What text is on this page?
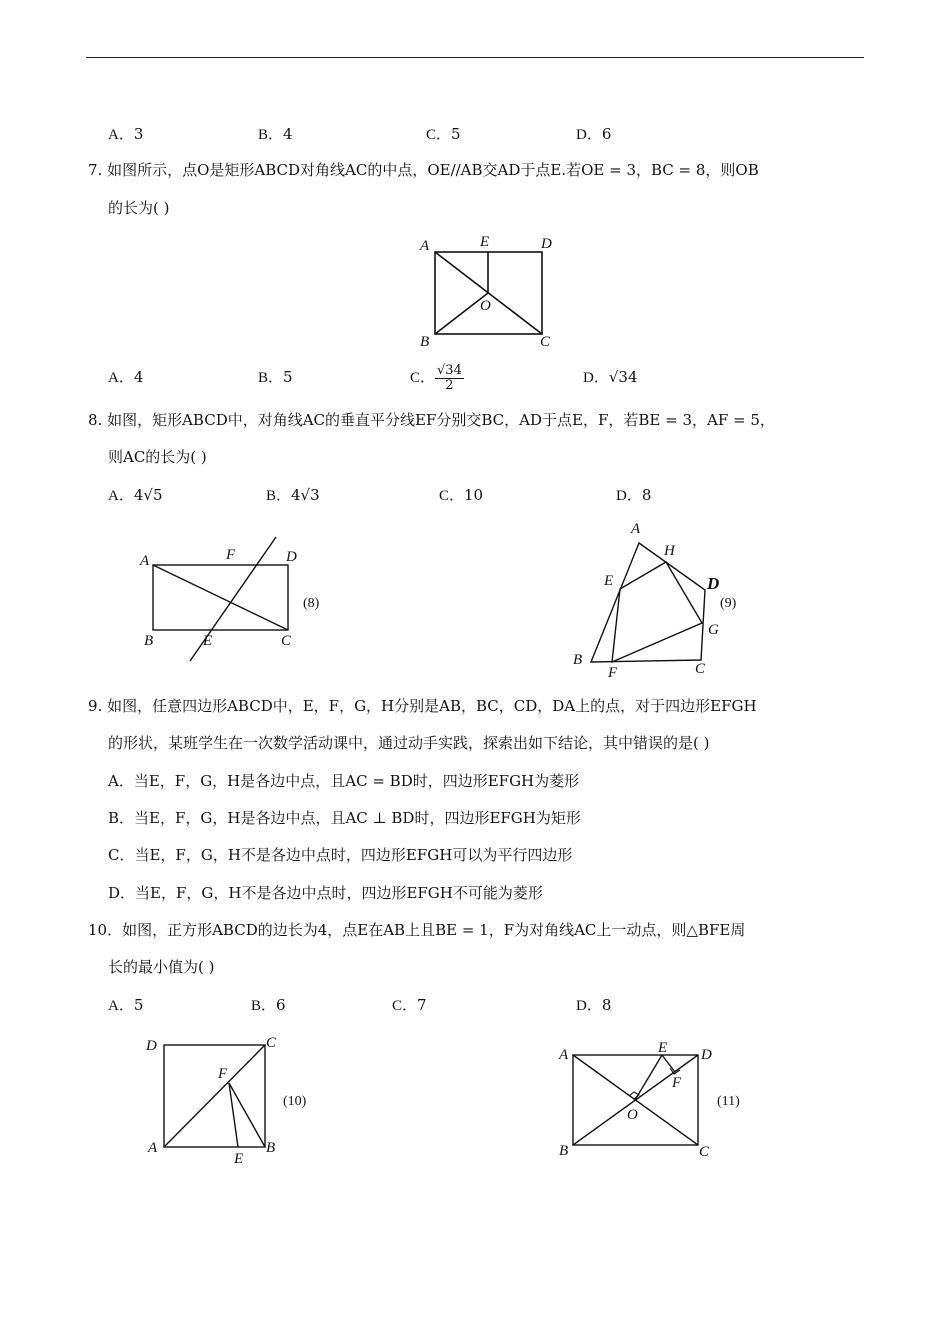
A．3	B．4	C．5	D．6
7. 如图所示，点O是矩形ABCD对角线AC的中点，OE//AB交AD于点E.若OE = 3，BC = 8，则OB
的长为( )
A	E	D
O
B	C
A．4	B．5	C． $\frac{√34}{2}$	D．√34
8. 如图，矩形ABCD中，对角线AC的垂直平分线EF分别交BC，AD于点E，F，若BE = 3，AF = 5，
则AC的长为( )
A．4√5	B．4√3	C．10	D．8
A	F	D
B	E	C
(8)
A
H
E	D
G
B
F	C
(9)
9. 如图，任意四边形ABCD中，E，F，G，H分别是AB，BC，CD，DA上的点，对于四边形EFGH
的形状，某班学生在一次数学活动课中，通过动手实践，探索出如下结论，其中错误的是( )
A．当E，F，G，H是各边中点，且AC = BD时，四边形EFGH为菱形
B．当E，F，G，H是各边中点，且AC ⊥ BD时，四边形EFGH为矩形
C．当E，F，G，H不是各边中点时，四边形EFGH可以为平行四边形
D．当E，F，G，H不是各边中点时，四边形EFGH不可能为菱形
10．如图，正方形ABCD的边长为4，点E在AB上且BE = 1，F为对角线AC上一动点，则△BFE周
长的最小值为( )
A．5	B．6	C．7	D．8
D	C
F
A
E
B
(10)
A	E D
F
O
B	C
(11)
